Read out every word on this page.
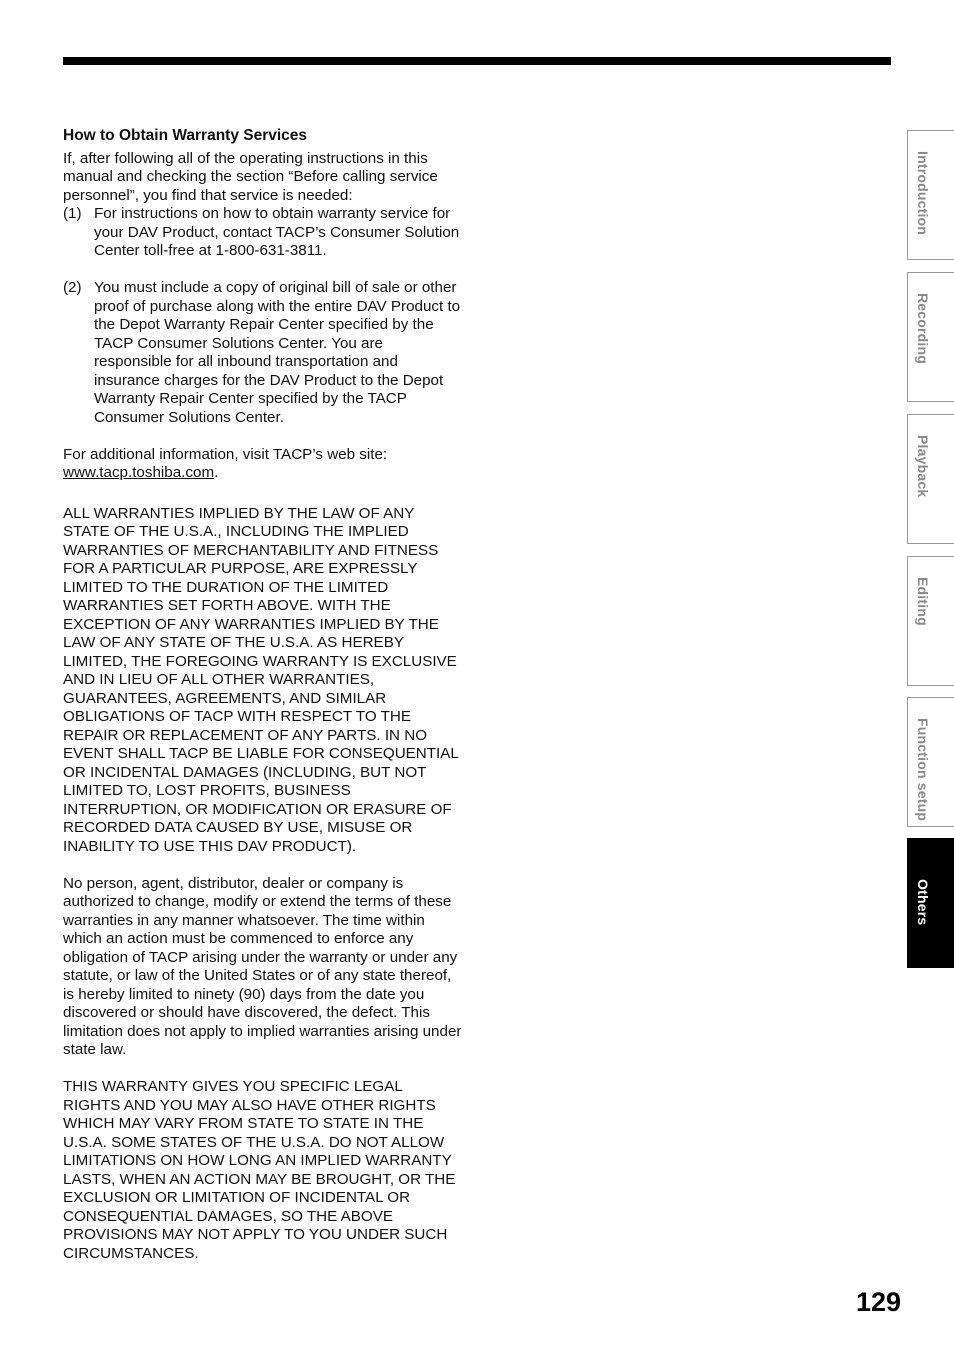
How to Obtain Warranty Services

If, after following all of the operating instructions in this manual and checking the section “Before calling service personnel”, you find that service is needed:

(1) For instructions on how to obtain warranty service for your DAV Product, contact TACP’s Consumer Solution Center toll-free at 1-800-631-3811.
(2) You must include a copy of original bill of sale or other proof of purchase along with the entire DAV Product to the Depot Warranty Repair Center specified by the TACP Consumer Solutions Center. You are responsible for all inbound transportation and insurance charges for the DAV Product to the Depot Warranty Repair Center specified by the TACP Consumer Solutions Center.

For additional information, visit TACP’s web site:
www.tacp.toshiba.com.

ALL WARRANTIES IMPLIED BY THE LAW OF ANY STATE OF THE U.S.A., INCLUDING THE IMPLIED WARRANTIES OF MERCHANTABILITY AND FITNESS FOR A PARTICULAR PURPOSE, ARE EXPRESSLY LIMITED TO THE DURATION OF THE LIMITED WARRANTIES SET FORTH ABOVE. WITH THE EXCEPTION OF ANY WARRANTIES IMPLIED BY THE LAW OF ANY STATE OF THE U.S.A. AS HEREBY LIMITED, THE FOREGOING WARRANTY IS EXCLUSIVE AND IN LIEU OF ALL OTHER WARRANTIES, GUARANTEES, AGREEMENTS, AND SIMILAR OBLIGATIONS OF TACP WITH RESPECT TO THE REPAIR OR REPLACEMENT OF ANY PARTS. IN NO EVENT SHALL TACP BE LIABLE FOR CONSEQUENTIAL OR INCIDENTAL DAMAGES (INCLUDING, BUT NOT LIMITED TO, LOST PROFITS, BUSINESS INTERRUPTION, OR MODIFICATION OR ERASURE OF RECORDED DATA CAUSED BY USE, MISUSE OR INABILITY TO USE THIS DAV PRODUCT).

No person, agent, distributor, dealer or company is authorized to change, modify or extend the terms of these warranties in any manner whatsoever. The time within which an action must be commenced to enforce any obligation of TACP arising under the warranty or under any statute, or law of the United States or of any state thereof, is hereby limited to ninety (90) days from the date you discovered or should have discovered, the defect. This limitation does not apply to implied warranties arising under state law.

THIS WARRANTY GIVES YOU SPECIFIC LEGAL RIGHTS AND YOU MAY ALSO HAVE OTHER RIGHTS WHICH MAY VARY FROM STATE TO STATE IN THE U.S.A. SOME STATES OF THE U.S.A. DO NOT ALLOW LIMITATIONS ON HOW LONG AN IMPLIED WARRANTY LASTS, WHEN AN ACTION MAY BE BROUGHT, OR THE EXCLUSION OR LIMITATION OF INCIDENTAL OR CONSEQUENTIAL DAMAGES, SO THE ABOVE PROVISIONS MAY NOT APPLY TO YOU UNDER SUCH CIRCUMSTANCES.

Introduction
Recording
Playback
Editing
Function setup
Others
129
